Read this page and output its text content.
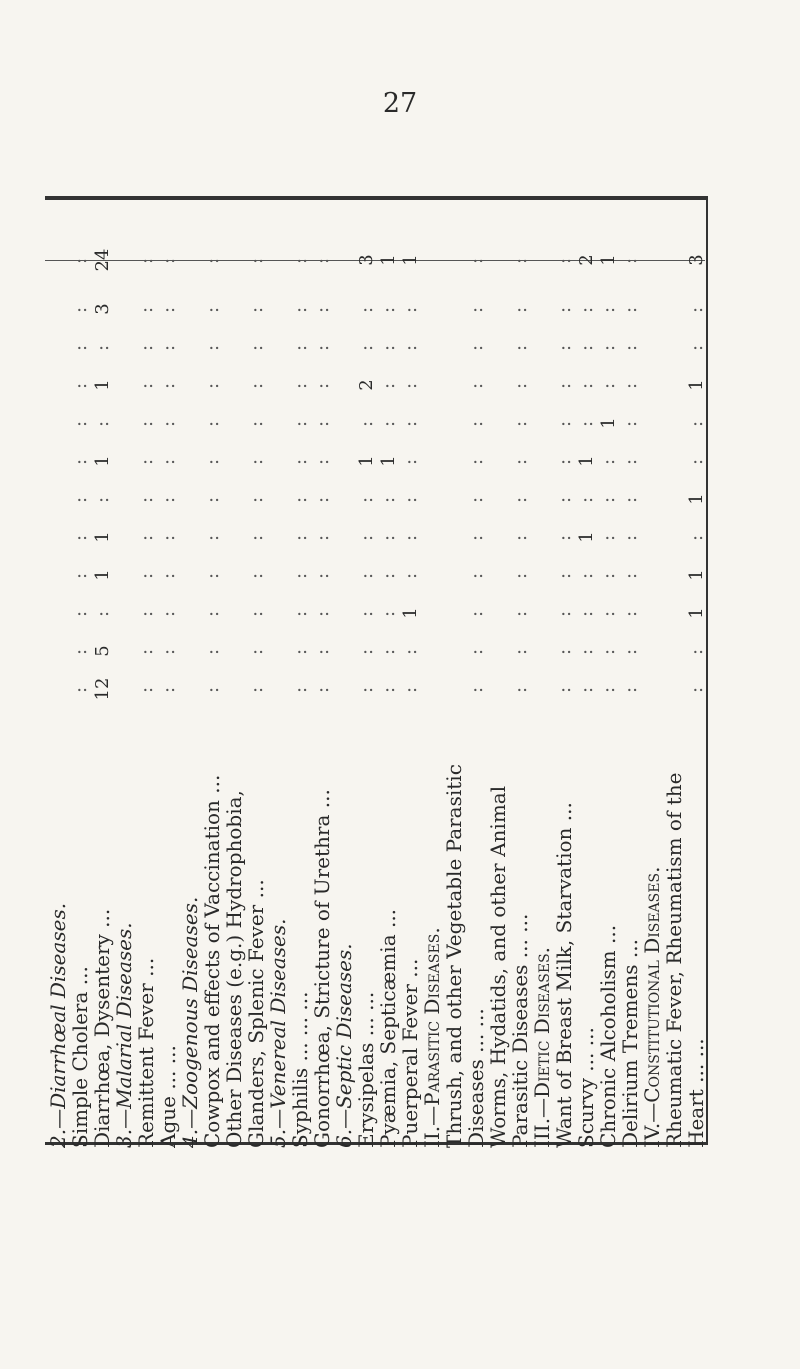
27
2.—Diarrhœal Diseases.
Simple Cholera ...
:
:
:
:
:
:
:
:
:
:
:
:
Diarrhœa, Dysentery ...
12
5
:
1
1
:
1
:
1
:
3
24
3.—Malarial Diseases.
Remittent Fever ...
:
:
:
:
:
:
:
:
:
:
:
:
Ague ... ...
:
:
:
:
:
:
:
:
:
:
:
:
4.—Zoogenous Diseases.
Cowpox and effects of Vaccination ...
:
:
:
:
:
:
:
:
:
:
:
:
Other Diseases (e.g.) Hydrophobia,
Glanders, Splenic Fever ...
:
:
:
:
:
:
:
:
:
:
:
:
5.—Venereal Diseases.
Syphilis ... ... ...
:
:
:
:
:
:
:
:
:
:
:
:
Gonorrhœa, Stricture of Urethra ...
:
:
:
:
:
:
:
:
:
:
:
:
6.—Septic Diseases.
Erysipelas ... ...
:
:
:
:
:
:
1
:
2
:
:
3
Pyæmia, Septicæmia ...
:
:
:
:
:
:
1
:
:
:
:
1
Puerperal Fever ...
:
:
1
:
:
:
:
:
:
:
:
1
II.—Parasitic Diseases.
Thrush, and other Vegetable Parasitic
Diseases ... ...
:
:
:
:
:
:
:
:
:
:
:
:
Worms, Hydatids, and other Animal
Parasitic Diseases ... ...
:
:
:
:
:
:
:
:
:
:
:
:
III.—Dietic Diseases.
Want of Breast Milk, Starvation ...
:
:
:
:
:
:
:
:
:
:
:
:
Scurvy ... ...
:
:
:
:
1
:
1
:
:
:
:
2
Chronic Alcoholism ...
:
:
:
:
:
:
:
1
:
:
:
1
Delirium Tremens ...
:
:
:
:
:
:
:
:
:
:
:
:
IV.—Constitutional Diseases.
Rheumatic Fever, Rheumatism of the
Heart ... ...
:
:
1
1
:
1
:
:
1
:
:
3
